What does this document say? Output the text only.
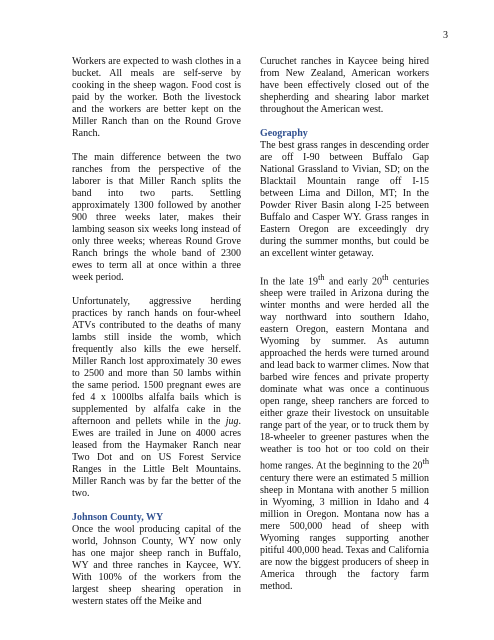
3

Workers are expected to wash clothes in a bucket. All meals are self-serve by cooking in the sheep wagon. Food cost is paid by the worker. Both the livestock and the workers are better kept on the Miller Ranch than on the Round Grove Ranch.

The main difference between the two ranches from the perspective of the laborer is that Miller Ranch splits the band into two parts. Settling approximately 1300 followed by another 900 three weeks later, makes their lambing season six weeks long instead of only three weeks; whereas Round Grove Ranch brings the whole band of 2300 ewes to term all at once within a three week period.

Unfortunately, aggressive herding practices by ranch hands on four-wheel ATVs contributed to the deaths of many lambs still inside the womb, which frequently also kills the ewe herself. Miller Ranch lost approximately 30 ewes to 2500 and more than 50 lambs within the same period. 1500 pregnant ewes are fed 4 x 1000lbs alfalfa bails which is supplemented by alfalfa cake in the afternoon and pellets while in the jug. Ewes are trailed in June on 4000 acres leased from the Haymaker Ranch near Two Dot and on US Forest Service Ranges in the Little Belt Mountains. Miller Ranch was by far the better of the two.

Johnson County, WY

Once the wool producing capital of the world, Johnson County, WY now only has one major sheep ranch in Buffalo, WY and three ranches in Kaycee, WY. With 100% of the workers from the largest sheep shearing operation in western states off the Meike and

Curuchet ranches in Kaycee being hired from New Zealand, American workers have been effectively closed out of the shepherding and shearing labor market throughout the American west.

Geography

The best grass ranges in descending order are off I-90 between Buffalo Gap National Grassland to Vivian, SD; on the Blacktail Mountain range off I-15 between Lima and Dillon, MT; In the Powder River Basin along I-25 between Buffalo and Casper WY. Grass ranges in Eastern Oregon are exceedingly dry during the summer months, but could be an excellent winter getaway.

In the late 19th and early 20th centuries sheep were trailed in Arizona during the winter months and were herded all the way northward into southern Idaho, eastern Oregon, eastern Montana and Wyoming by summer. As autumn approached the herds were turned around and lead back to warmer climes. Now that barbed wire fences and private property dominate what was once a continuous open range, sheep ranchers are forced to either graze their livestock on unsuitable range part of the year, or to truck them by 18-wheeler to greener pastures when the weather is too hot or too cold on their home ranges. At the beginning to the 20th century there were an estimated 5 million sheep in Montana with another 5 million in Wyoming, 3 million in Idaho and 4 million in Oregon. Montana now has a mere 500,000 head of sheep with Wyoming ranges supporting another pitiful 400,000 head. Texas and California are now the biggest producers of sheep in America through the factory farm method.
